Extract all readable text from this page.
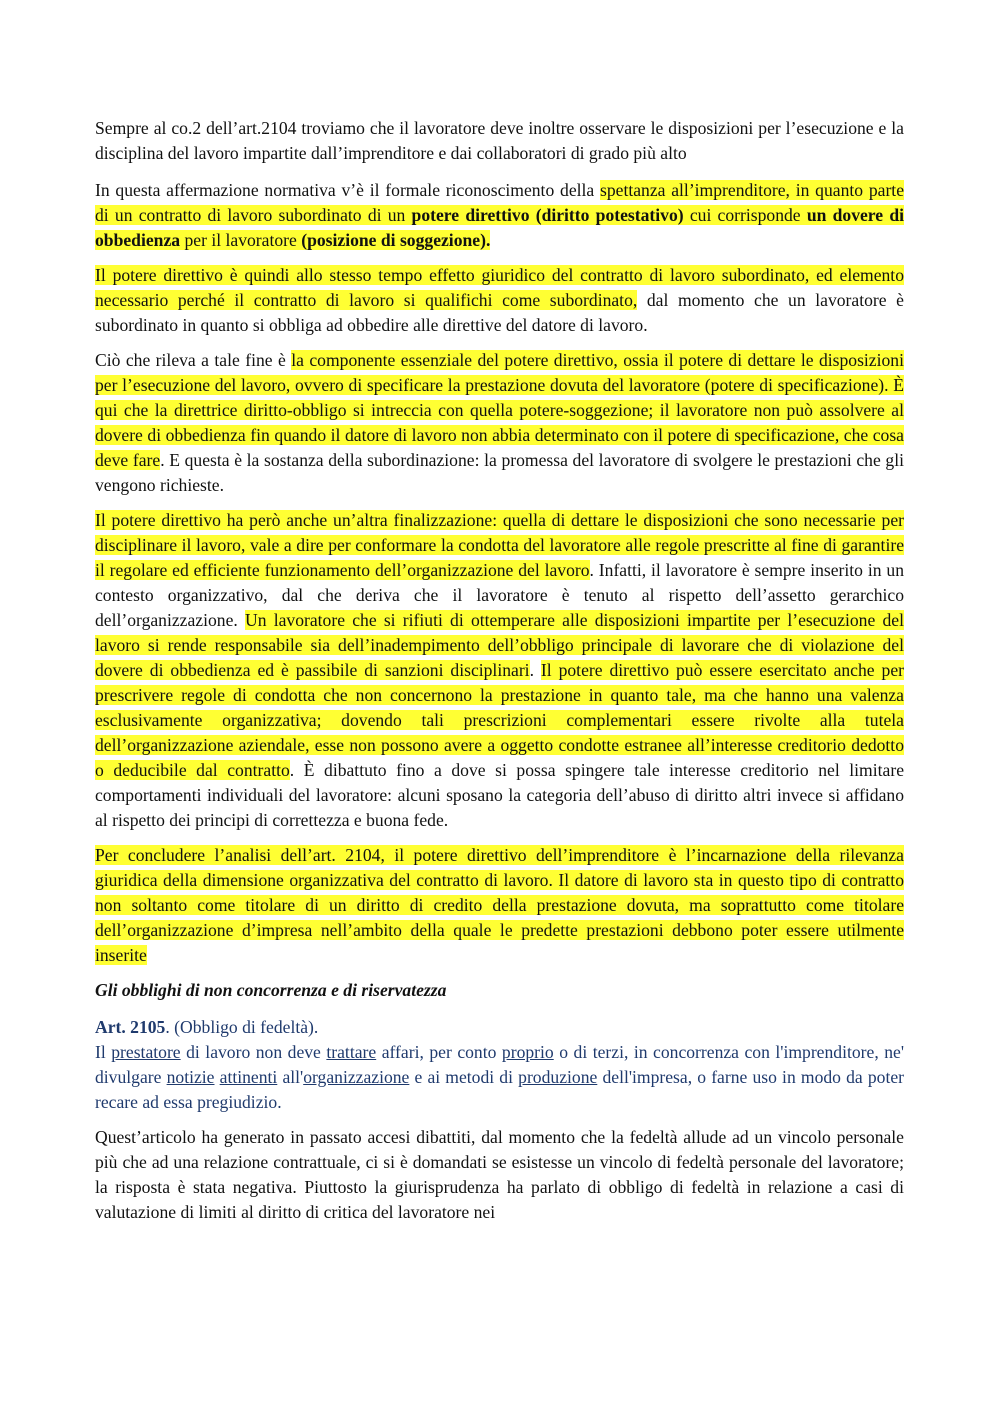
Sempre al co.2 dell’art.2104 troviamo che il lavoratore deve inoltre osservare le disposizioni per l’esecuzione e la disciplina del lavoro impartite dall’imprenditore e dai collaboratori di grado più alto

In questa affermazione normativa v’è il formale riconoscimento della spettanza all’imprenditore, in quanto parte di un contratto di lavoro subordinato di un potere direttivo (diritto potestativo) cui corrisponde un dovere di obbedienza per il lavoratore (posizione di soggezione).

Il potere direttivo è quindi allo stesso tempo effetto giuridico del contratto di lavoro subordinato, ed elemento necessario perché il contratto di lavoro si qualifichi come subordinato, dal momento che un lavoratore è subordinato in quanto si obbliga ad obbedire alle direttive del datore di lavoro.

Ciò che rileva a tale fine è la componente essenziale del potere direttivo, ossia il potere di dettare le disposizioni per l’esecuzione del lavoro, ovvero di specificare la prestazione dovuta del lavoratore (potere di specificazione). È qui che la direttrice diritto-obbligo si intreccia con quella potere-soggezione; il lavoratore non può assolvere al dovere di obbedienza fin quando il datore di lavoro non abbia determinato con il potere di specificazione, che cosa deve fare. E questa è la sostanza della subordinazione: la promessa del lavoratore di svolgere le prestazioni che gli vengono richieste.

Il potere direttivo ha però anche un’altra finalizzazione: quella di dettare le disposizioni che sono necessarie per disciplinare il lavoro, vale a dire per conformare la condotta del lavoratore alle regole prescritte al fine di garantire il regolare ed efficiente funzionamento dell’organizzazione del lavoro. Infatti, il lavoratore è sempre inserito in un contesto organizzativo, dal che deriva che il lavoratore è tenuto al rispetto dell’assetto gerarchico dell’organizzazione. Un lavoratore che si rifiuti di ottemperare alle disposizioni impartite per l’esecuzione del lavoro si rende responsabile sia dell’inadempimento dell’obbligo principale di lavorare che di violazione del dovere di obbedienza ed è passibile di sanzioni disciplinari. Il potere direttivo può essere esercitato anche per prescrivere regole di condotta che non concernono la prestazione in quanto tale, ma che hanno una valenza esclusivamente organizzativa; dovendo tali prescrizioni complementari essere rivolte alla tutela dell’organizzazione aziendale, esse non possono avere a oggetto condotte estranee all’interesse creditorio dedotto o deducibile dal contratto. È dibattuto fino a dove si possa spingere tale interesse creditorio nel limitare comportamenti individuali del lavoratore: alcuni sposano la categoria dell’abuso di diritto altri invece si affidano al rispetto dei principi di correttezza e buona fede.

Per concludere l’analisi dell’art. 2104, il potere direttivo dell’imprenditore è l’incarnazione della rilevanza giuridica della dimensione organizzativa del contratto di lavoro. Il datore di lavoro sta in questo tipo di contratto non soltanto come titolare di un diritto di credito della prestazione dovuta, ma soprattutto come titolare dell’organizzazione d’impresa nell’ambito della quale le predette prestazioni debbono poter essere utilmente inserite

Gli obblighi di non concorrenza e di riservatezza

Art. 2105. (Obbligo di fedeltà).
Il prestatore di lavoro non deve trattare affari, per conto proprio o di terzi, in concorrenza con l'imprenditore, ne' divulgare notizie attinenti all'organizzazione e ai metodi di produzione dell'impresa, o farne uso in modo da poter recare ad essa pregiudizio.

Quest’articolo ha generato in passato accesi dibattiti, dal momento che la fedeltà allude ad un vincolo personale più che ad una relazione contrattuale, ci si è domandati se esistesse un vincolo di fedeltà personale del lavoratore; la risposta è stata negativa. Piuttosto la giurisprudenza ha parlato di obbligo di fedeltà in relazione a casi di valutazione di limiti al diritto di critica del lavoratore nei
